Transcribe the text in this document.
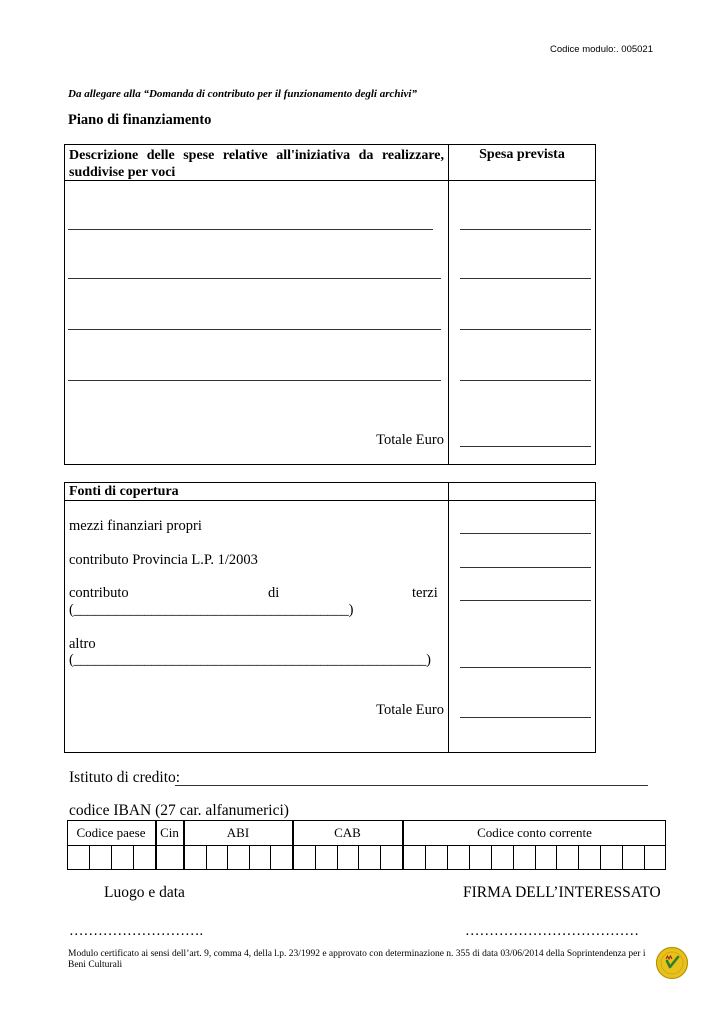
Codice modulo:. 005021
Da allegare alla “Domanda di contributo per il funzionamento degli archivi”
Piano di finanziamento
Descrizione delle spese relative all'iniziativa da realizzare, suddivise per voci
Spesa prevista
Totale Euro
Fonti di copertura
mezzi finanziari propri
contributo Provincia L.P. 1/2003
contributo	di	terzi
(_______________________________________)
altro
(__________________________________________________)
Totale Euro
Istituto di credito:
codice IBAN (27 car. alfanumerici)
Codice paese	Cin	ABI	CAB	Codice conto corrente
Luogo e data	FIRMA DELL’INTERESSATO
……………………….	………………………………
Modulo certificato ai sensi dell’art. 9, comma 4, della l.p. 23/1992 e approvato con determinazione n. 355 di data 03/06/2014 della Soprintendenza per i Beni Culturali
